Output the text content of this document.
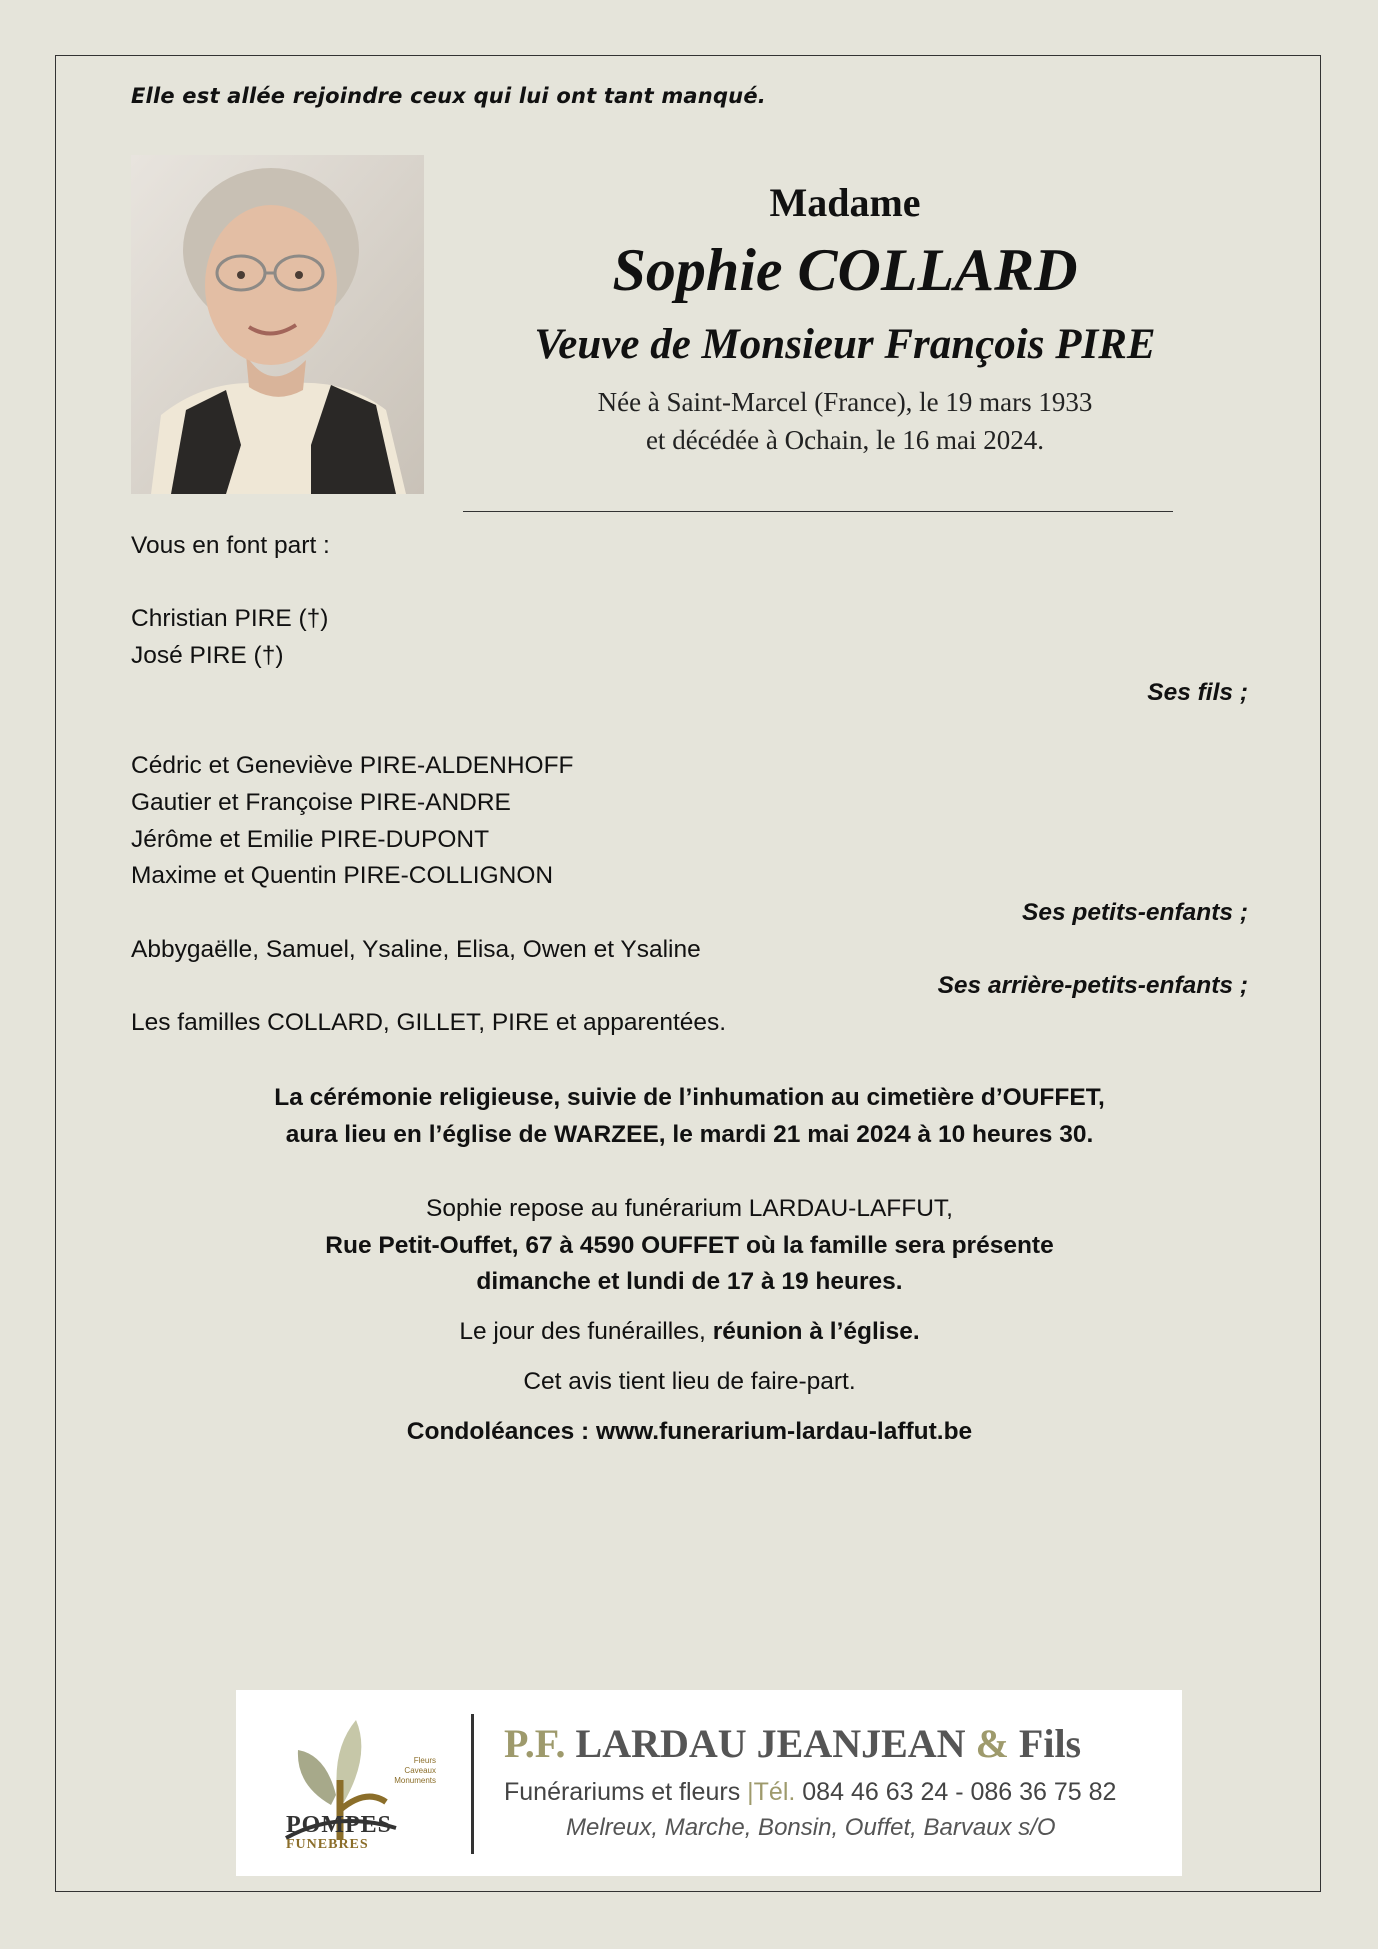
Elle est allée rejoindre ceux qui lui ont tant manqué.
Madame
Sophie COLLARD
Veuve de Monsieur François PIRE
Née à Saint-Marcel (France), le 19 mars 1933
et décédée à Ochain, le 16 mai 2024.
Vous en font part :
Christian PIRE (†)
José PIRE (†)
Ses fils ;
Cédric et Geneviève PIRE-ALDENHOFF
Gautier et Françoise PIRE-ANDRE
Jérôme et Emilie PIRE-DUPONT
Maxime et Quentin PIRE-COLLIGNON
Ses petits-enfants ;
Abbygaëlle, Samuel, Ysaline, Elisa, Owen et Ysaline
Ses arrière-petits-enfants ;
Les familles COLLARD, GILLET, PIRE et apparentées.
La cérémonie religieuse, suivie de l’inhumation au cimetière d’OUFFET,
aura lieu en l’église de WARZEE, le mardi 21 mai 2024 à 10 heures 30.
Sophie repose au funérarium LARDAU-LAFFUT,
Rue Petit-Ouffet, 67 à 4590 OUFFET où la famille sera présente
dimanche et lundi de 17 à 19 heures.
Le jour des funérailles, réunion à l’église.
Cet avis tient lieu de faire-part.
Condoléances : www.funerarium-lardau-laffut.be
Fleurs
Caveaux
Monuments
POMPES
FUNEBRES
P.F. LARDAU JEANJEAN & Fils
Funérariums et fleurs |Tél. 084 46 63 24 - 086 36 75 82
Melreux, Marche, Bonsin, Ouffet, Barvaux s/O
